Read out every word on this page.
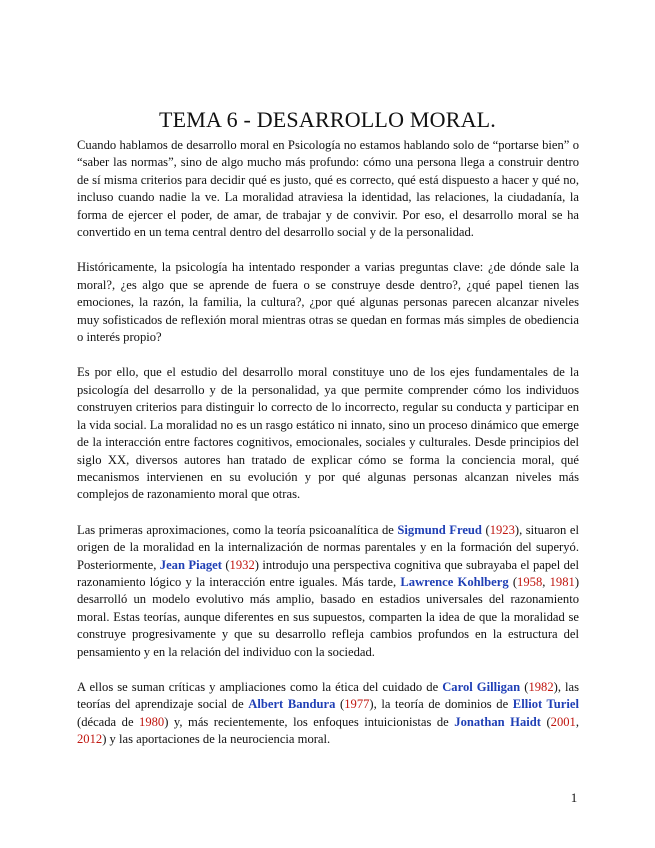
TEMA 6 - DESARROLLO MORAL.

Cuando hablamos de desarrollo moral en Psicología no estamos hablando solo de “portarse bien” o “saber las normas”, sino de algo mucho más profundo: cómo una persona llega a construir dentro de sí misma criterios para decidir qué es justo, qué es correcto, qué está dispuesto a hacer y qué no, incluso cuando nadie la ve. La moralidad atraviesa la identidad, las relaciones, la ciudadanía, la forma de ejercer el poder, de amar, de trabajar y de convivir. Por eso, el desarrollo moral se ha convertido en un tema central dentro del desarrollo social y de la personalidad.

Históricamente, la psicología ha intentado responder a varias preguntas clave: ¿de dónde sale la moral?, ¿es algo que se aprende de fuera o se construye desde dentro?, ¿qué papel tienen las emociones, la razón, la familia, la cultura?, ¿por qué algunas personas parecen alcanzar niveles muy sofisticados de reflexión moral mientras otras se quedan en formas más simples de obediencia o interés propio?

Es por ello, que el estudio del desarrollo moral constituye uno de los ejes fundamentales de la psicología del desarrollo y de la personalidad, ya que permite comprender cómo los individuos construyen criterios para distinguir lo correcto de lo incorrecto, regular su conducta y participar en la vida social. La moralidad no es un rasgo estático ni innato, sino un proceso dinámico que emerge de la interacción entre factores cognitivos, emocionales, sociales y culturales. Desde principios del siglo XX, diversos autores han tratado de explicar cómo se forma la conciencia moral, qué mecanismos intervienen en su evolución y por qué algunas personas alcanzan niveles más complejos de razonamiento moral que otras.

Las primeras aproximaciones, como la teoría psicoanalítica de Sigmund Freud (1923), situaron el origen de la moralidad en la internalización de normas parentales y en la formación del superyó. Posteriormente, Jean Piaget (1932) introdujo una perspectiva cognitiva que subrayaba el papel del razonamiento lógico y la interacción entre iguales. Más tarde, Lawrence Kohlberg (1958, 1981) desarrolló un modelo evolutivo más amplio, basado en estadios universales del razonamiento moral. Estas teorías, aunque diferentes en sus supuestos, comparten la idea de que la moralidad se construye progresivamente y que su desarrollo refleja cambios profundos en la estructura del pensamiento y en la relación del individuo con la sociedad.

A ellos se suman críticas y ampliaciones como la ética del cuidado de Carol Gilligan (1982), las teorías del aprendizaje social de Albert Bandura (1977), la teoría de dominios de Elliot Turiel (década de 1980) y, más recientemente, los enfoques intuicionistas de Jonathan Haidt (2001, 2012) y las aportaciones de la neurociencia moral.

1
